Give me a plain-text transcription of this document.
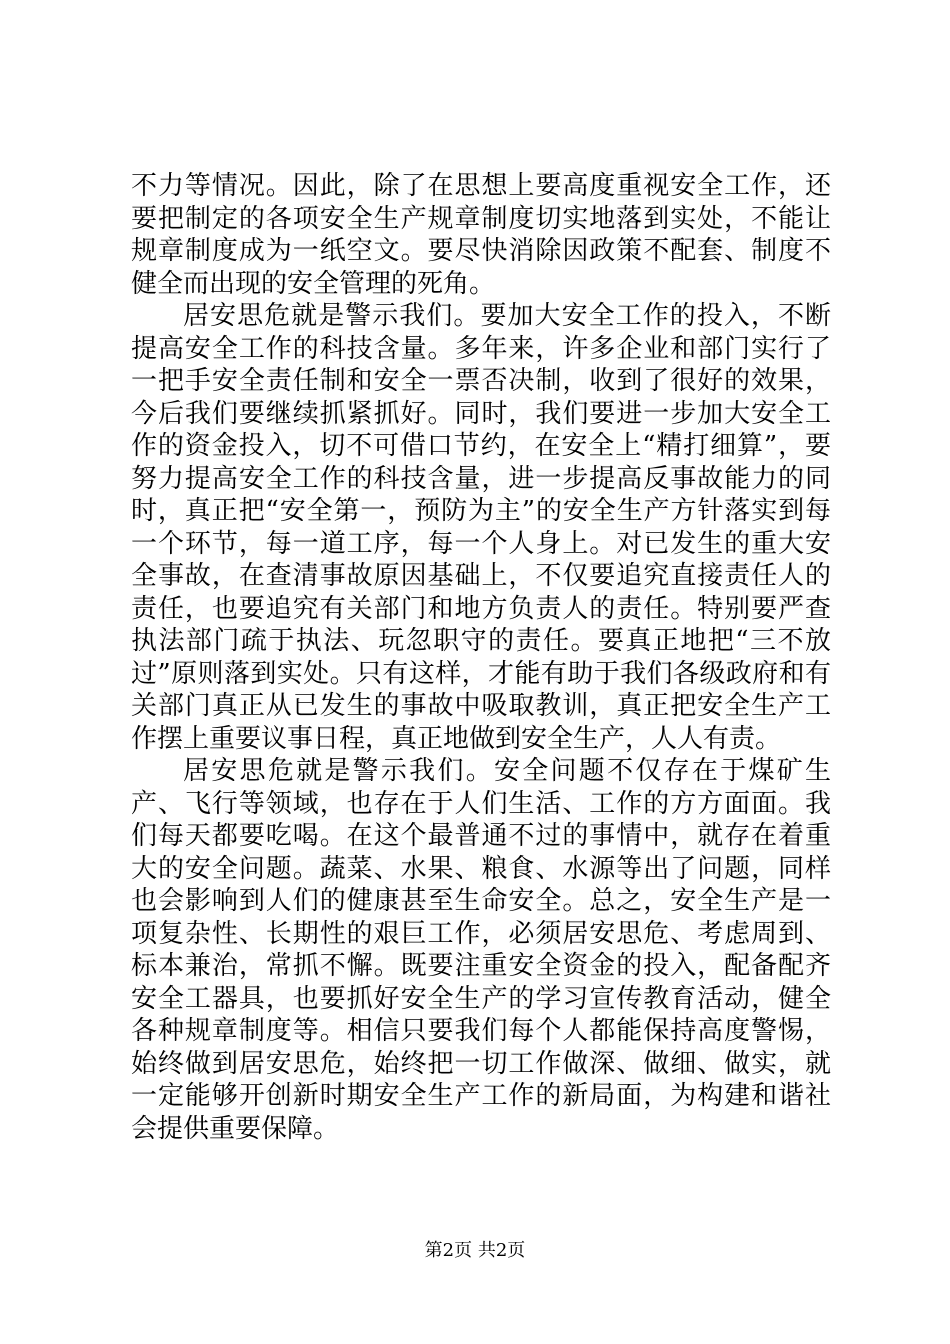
不力等情况。因此，除了在思想上要高度重视安全工作，还要把制定的各项安全生产规章制度切实地落到实处，不能让规章制度成为一纸空文。要尽快消除因政策不配套、制度不健全而出现的安全管理的死角。

居安思危就是警示我们。要加大安全工作的投入，不断提高安全工作的科技含量。多年来，许多企业和部门实行了一把手安全责任制和安全一票否决制，收到了很好的效果，今后我们要继续抓紧抓好。同时，我们要进一步加大安全工作的资金投入，切不可借口节约，在安全上“精打细算”，要努力提高安全工作的科技含量，进一步提高反事故能力的同时，真正把“安全第一，预防为主”的安全生产方针落实到每一个环节，每一道工序，每一个人身上。对已发生的重大安全事故，在查清事故原因基础上，不仅要追究直接责任人的责任，也要追究有关部门和地方负责人的责任。特别要严查执法部门疏于执法、玩忽职守的责任。要真正地把“三不放过”原则落到实处。只有这样，才能有助于我们各级政府和有关部门真正从已发生的事故中吸取教训，真正把安全生产工作摆上重要议事日程，真正地做到安全生产，人人有责。

居安思危就是警示我们。安全问题不仅存在于煤矿生产、飞行等领域，也存在于人们生活、工作的方方面面。我们每天都要吃喝。在这个最普通不过的事情中，就存在着重大的安全问题。蔬菜、水果、粮食、水源等出了问题，同样也会影响到人们的健康甚至生命安全。总之，安全生产是一项复杂性、长期性的艰巨工作，必须居安思危、考虑周到、标本兼治，常抓不懈。既要注重安全资金的投入，配备配齐安全工器具，也要抓好安全生产的学习宣传教育活动，健全各种规章制度等。相信只要我们每个人都能保持高度警惕，始终做到居安思危，始终把一切工作做深、做细、做实，就一定能够开创新时期安全生产工作的新局面，为构建和谐社会提供重要保障。

第2页 共2页
